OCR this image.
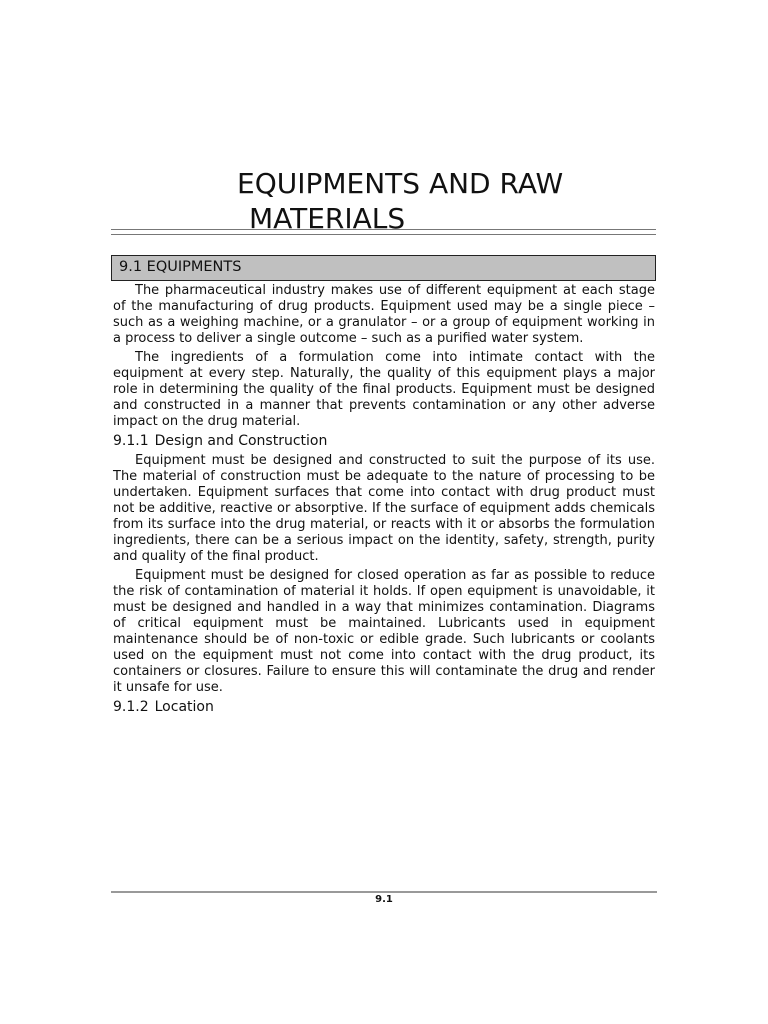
EQUIPMENTS AND RAW
MATERIALS
9.1 EQUIPMENTS

The pharmaceutical industry makes use of different equipment at each stage of the manufacturing of drug products. Equipment used may be a single piece – such as a weighing machine, or a granulator – or a group of equipment working in a process to deliver a single outcome – such as a purified water system.

The ingredients of a formulation come into intimate contact with the equipment at every step. Naturally, the quality of this equipment plays a major role in determining the quality of the final products. Equipment must be designed and constructed in a manner that prevents contamination or any other adverse impact on the drug material.

9.1.1 Design and Construction

Equipment must be designed and constructed to suit the purpose of its use. The material of construction must be adequate to the nature of processing to be undertaken. Equipment surfaces that come into contact with drug product must not be additive, reactive or absorptive. If the surface of equipment adds chemicals from its surface into the drug material, or reacts with it or absorbs the formulation ingredients, there can be a serious impact on the identity, safety, strength, purity and quality of the final product.

Equipment must be designed for closed operation as far as possible to reduce the risk of contamination of material it holds. If open equipment is unavoidable, it must be designed and handled in a way that minimizes contamination. Diagrams of critical equipment must be maintained. Lubricants used in equipment maintenance should be of non-toxic or edible grade. Such lubricants or coolants used on the equipment must not come into contact with the drug product, its containers or closures. Failure to ensure this will contaminate the drug and render it unsafe for use.

9.1.2 Location
9.1
